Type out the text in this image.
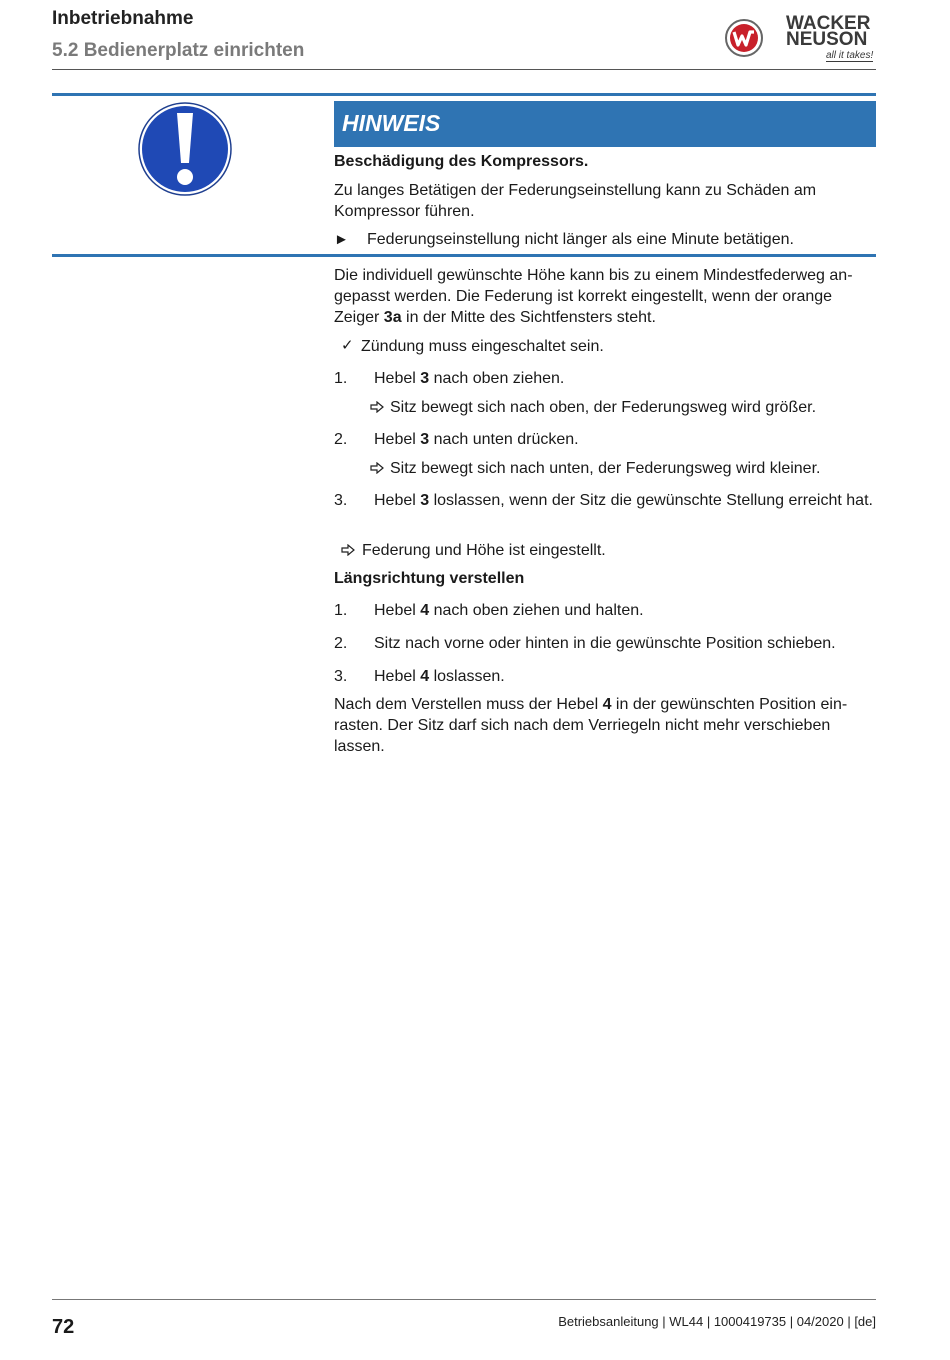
Inbetriebnahme
5.2 Bedienerplatz einrichten
WACKER
NEUSON
all it takes!
HINWEIS
Beschädigung des Kompressors.
Zu langes Betätigen der Federungseinstellung kann zu Schäden am Kompressor führen.
► Federungseinstellung nicht länger als eine Minute betätigen.
Die individuell gewünschte Höhe kann bis zu einem Mindestfederweg an-gepasst werden. Die Federung ist korrekt eingestellt, wenn der orange Zeiger 3a in der Mitte des Sichtfensters steht.
✓ Zündung muss eingeschaltet sein.
1. Hebel 3 nach oben ziehen.
Sitz bewegt sich nach oben, der Federungsweg wird größer.
2. Hebel 3 nach unten drücken.
Sitz bewegt sich nach unten, der Federungsweg wird kleiner.
3. Hebel 3 loslassen, wenn der Sitz die gewünschte Stellung erreicht hat.
Federung und Höhe ist eingestellt.
Längsrichtung verstellen
1. Hebel 4 nach oben ziehen und halten.
2. Sitz nach vorne oder hinten in die gewünschte Position schieben.
3. Hebel 4 loslassen.
Nach dem Verstellen muss der Hebel 4 in der gewünschten Position ein-rasten. Der Sitz darf sich nach dem Verriegeln nicht mehr verschieben lassen.
72	Betriebsanleitung | WL44 | 1000419735 | 04/2020 | [de]
